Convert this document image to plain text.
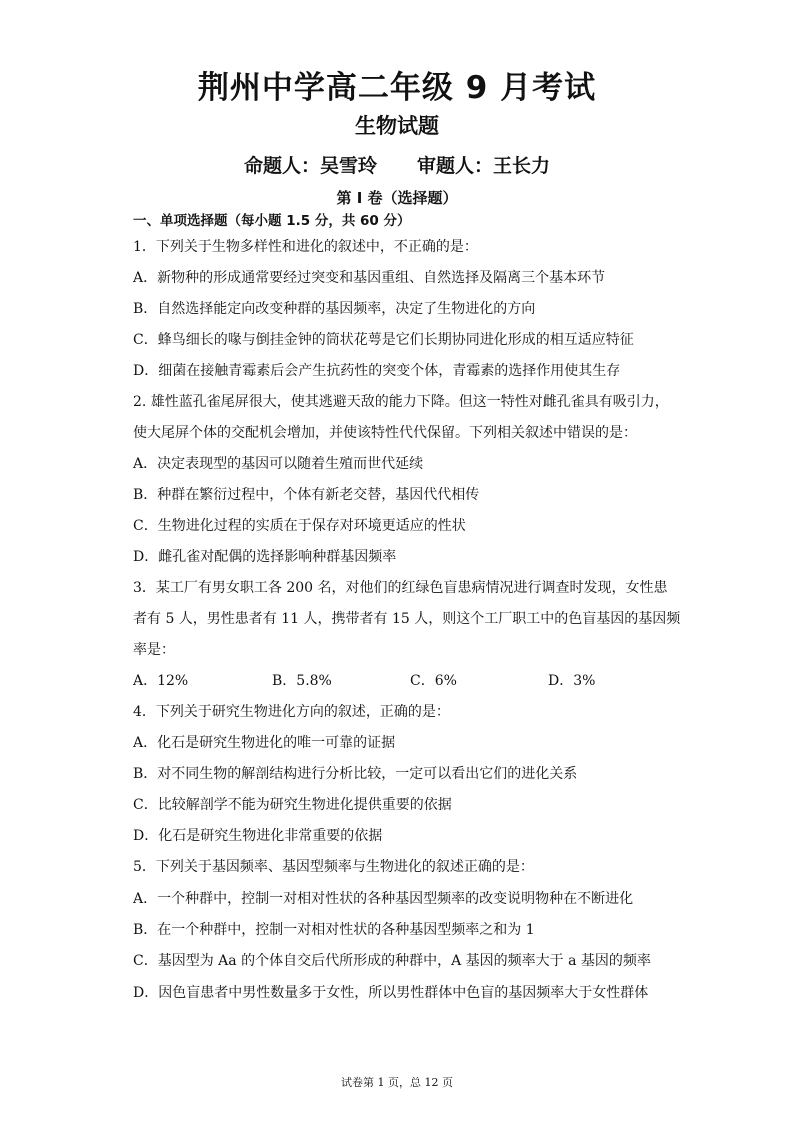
荆州中学高二年级 9 月考试
生物试题
命题人：吴雪玲 审题人：王长力
第 I 卷（选择题）
一、单项选择题（每小题 1.5 分，共 60 分）
1．下列关于生物多样性和进化的叙述中，不正确的是：
A．新物种的形成通常要经过突变和基因重组、自然选择及隔离三个基本环节
B．自然选择能定向改变种群的基因频率，决定了生物进化的方向
C．蜂鸟细长的喙与倒挂金钟的筒状花萼是它们长期协同进化形成的相互适应特征
D．细菌在接触青霉素后会产生抗药性的突变个体，青霉素的选择作用使其生存
2. 雄性蓝孔雀尾屏很大，使其逃避天敌的能力下降。但这一特性对雌孔雀具有吸引力，
使大尾屏个体的交配机会增加，并使该特性代代保留。下列相关叙述中错误的是：
A．决定表现型的基因可以随着生殖而世代延续
B．种群在繁衍过程中，个体有新老交替，基因代代相传
C．生物进化过程的实质在于保存对环境更适应的性状
D．雌孔雀对配偶的选择影响种群基因频率
3．某工厂有男女职工各 200 名，对他们的红绿色盲患病情况进行调查时发现，女性患
者有 5 人，男性患者有 11 人，携带者有 15 人，则这个工厂职工中的色盲基因的基因频
率是：
A．12%	B．5.8%	C．6%	D．3%
4．下列关于研究生物进化方向的叙述，正确的是：
A．化石是研究生物进化的唯一可靠的证据
B．对不同生物的解剖结构进行分析比较，一定可以看出它们的进化关系
C．比较解剖学不能为研究生物进化提供重要的依据
D．化石是研究生物进化非常重要的依据
5．下列关于基因频率、基因型频率与生物进化的叙述正确的是：
A．一个种群中，控制一对相对性状的各种基因型频率的改变说明物种在不断进化
B．在一个种群中，控制一对相对性状的各种基因型频率之和为 1
C．基因型为 Aa 的个体自交后代所形成的种群中，A 基因的频率大于 a 基因的频率
D．因色盲患者中男性数量多于女性，所以男性群体中色盲的基因频率大于女性群体
试卷第 1 页，总 12 页
